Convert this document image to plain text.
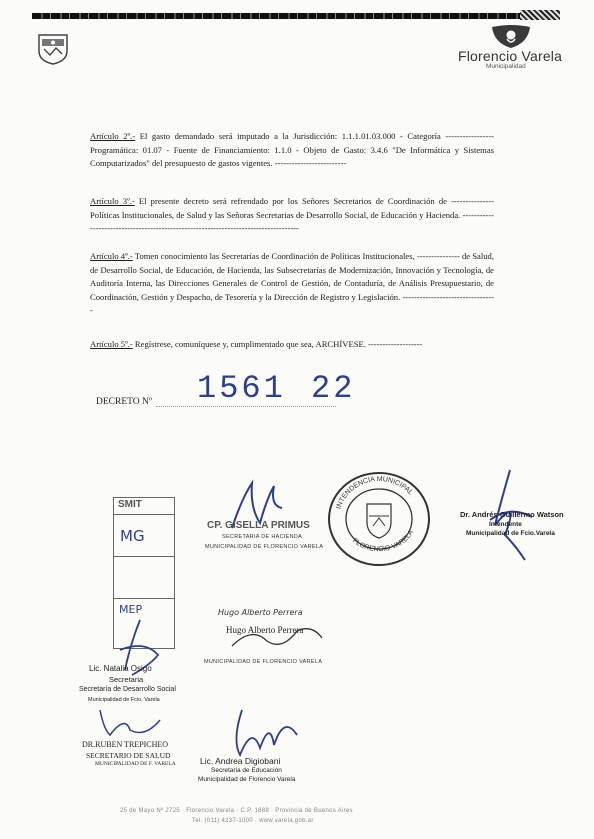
Florencio Varela
Municipalidad
Artículo 2º.- El gasto demandado será imputado a la Jurisdicción: 1.1.1.01.03.000 - Categoría ----------------- Programática: 01.07 - Fuente de Financiamiento: 1.1.0 - Objeto de Gasto: 3.4.6 "De Informática y Sistemas Computarizados" del presupuesto de gastos vigentes. -------------------------
Artículo 3º.- El presente decreto será refrendado por los Señores Secretarios de Coordinación de --------------- Políticas Institucionales, de Salud y las Señoras Secretarias de Desarrollo Social, de Educación y Hacienda. ------------------------------------------------------------------------------------
Artículo 4º.- Tomen conocimiento las Secretarías de Coordinación de Políticas Institucionales, --------------- de Salud, de Desarrollo Social, de Educación, de Hacienda, las Subsecretarías de Modernización, Innovación y Tecnología, de Auditoría Interna, las Direcciones Generales de Control de Gestión, de Contaduría, de Análisis Presupuestario, de Coordinación, Gestión y Despacho, de Tesorería y la Dirección de Registro y Legislación. ---------------------------------
Artículo 5º.- Regístrese, comuníquese y, cumplimentado que sea, ARCHÍVESE. -------------------
DECRETO Nº 1561 22
SMIT
MG
MEP
CP. GISELLA PRIMUS
SECRETARIA DE HACIENDA
MUNICIPALIDAD DE FLORENCIO VARELA
INTENDENCIA MUNICIPAL
FLORENCIO VARELA
Dr. Andrés Guillermo Watson
Intendente
Municipalidad de Fcio.Varela
Hugo Alberto Perrera
Hugo Alberto Perrera
MUNICIPALIDAD DE FLORENCIO VARELA
Lic. Natalia Osigo
Secretaria
Secretaría de Desarrollo Social
Municipalidad de Fcio. Varela
DR.RUBEN TREPICHEO
SECRETARIO DE SALUD
MUNICIPALIDAD DE F. VARELA	Lic. Andrea Digiobani
Secretaria de Educación
Municipalidad de Florencio Varela
25 de Mayo Nº 2725 · Florencio Varela · C.P. 1888 · Provincia de Buenos Aires
Tel. (011) 4237-1000 · www.varela.gob.ar
